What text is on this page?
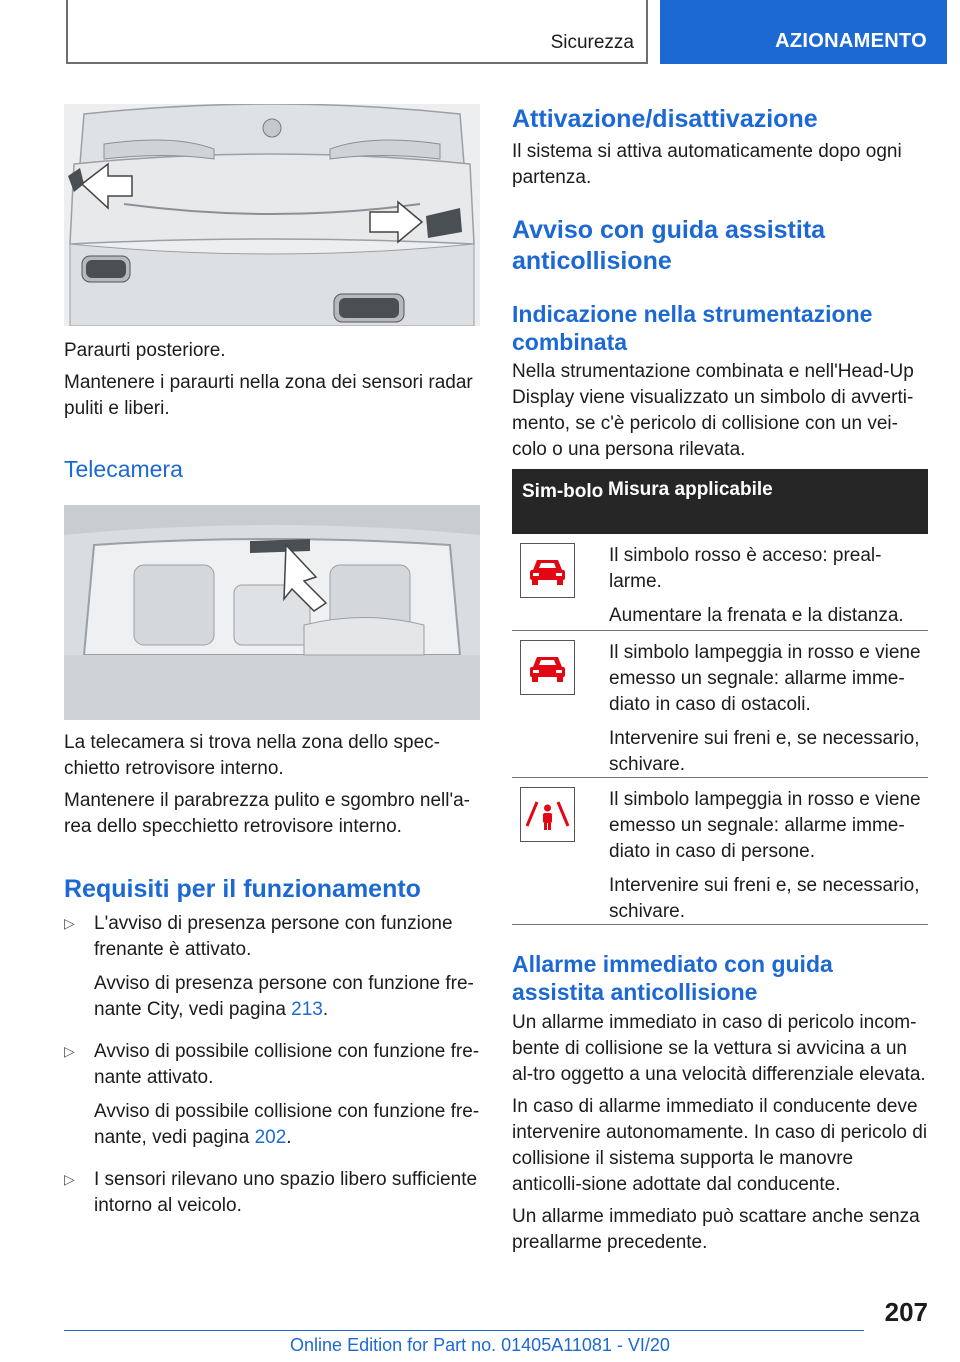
Sicurezza	AZIONAMENTO

Paraurti posteriore.

Mantenere i paraurti nella zona dei sensori radar puliti e liberi.

Telecamera

La telecamera si trova nella zona dello spec-chietto retrovisore interno.

Mantenere il parabrezza pulito e sgombro nell'a-rea dello specchietto retrovisore interno.

Requisiti per il funzionamento

▷ L'avviso di presenza persone con funzione frenante è attivato.

Avviso di presenza persone con funzione fre-nante City, vedi pagina 213.

▷ Avviso di possibile collisione con funzione fre-nante attivato.

Avviso di possibile collisione con funzione fre-nante, vedi pagina 202.

▷ I sensori rilevano uno spazio libero sufficiente intorno al veicolo.

Attivazione/disattivazione

Il sistema si attiva automaticamente dopo ogni partenza.

Avviso con guida assistita anticollisione

Indicazione nella strumentazione combinata

Nella strumentazione combinata e nell'Head-Up Display viene visualizzato un simbolo di avverti-mento, se c'è pericolo di collisione con un vei-colo o una persona rilevata.

Sim-bolo Misura applicabile

Il simbolo rosso è acceso: preal-larme.

Aumentare la frenata e la distanza.

Il simbolo lampeggia in rosso e viene emesso un segnale: allarme imme-diato in caso di ostacoli.

Intervenire sui freni e, se necessario, schivare.

Il simbolo lampeggia in rosso e viene emesso un segnale: allarme imme-diato in caso di persone.

Intervenire sui freni e, se necessario, schivare.

Allarme immediato con guida assistita anticollisione

Un allarme immediato in caso di pericolo incom-bente di collisione se la vettura si avvicina a un al-tro oggetto a una velocità differenziale elevata.

In caso di allarme immediato il conducente deve intervenire autonomamente. In caso di pericolo di collisione il sistema supporta le manovre anticolli-sione adottate dal conducente.

Un allarme immediato può scattare anche senza preallarme precedente.

207
Online Edition for Part no. 01405A11081 - VI/20
